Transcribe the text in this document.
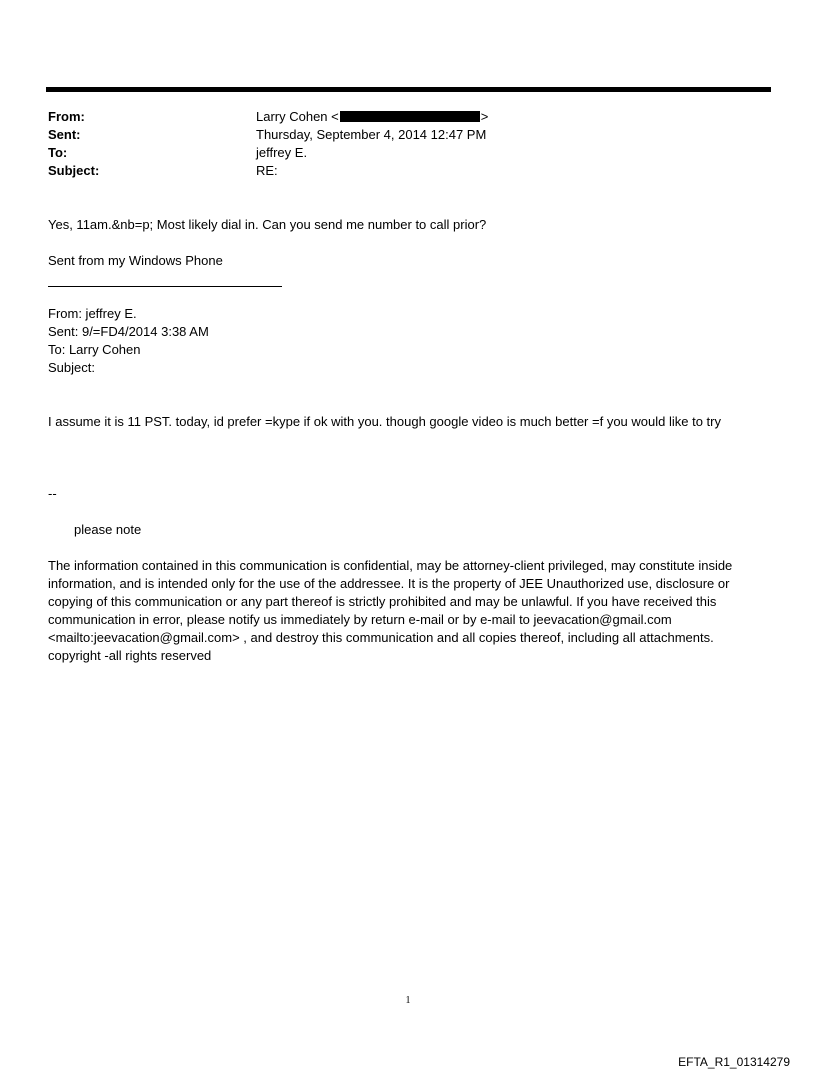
From:	Larry Cohen <	>
Sent:	Thursday, September 4, 2014 12:47 PM
To:	jeffrey E.
Subject:	RE:
Yes, 11am.&nb=p; Most likely dial in. Can you send me number to call prior?
Sent from my Windows Phone
From: jeffrey E.
Sent: 9/=FD4/2014 3:38 AM
To: Larry Cohen
Subject:
I assume it is 11 PST. today, id prefer =kype if ok with you. though google video is much better =f you would like to try
--
please note
The information contained in this communication is confidential, may be attorney-client privileged, may constitute inside information, and is intended only for the use of the addressee. It is the property of JEE Unauthorized use, disclosure or copying of this communication or any part thereof is strictly prohibited and may be unlawful. If you have received this communication in error, please notify us immediately by return e-mail or by e-mail to jeevacation@gmail.com <mailto:jeevacation@gmail.com> , and destroy this communication and all copies thereof, including all attachments. copyright -all rights reserved
1
EFTA_R1_01314279
